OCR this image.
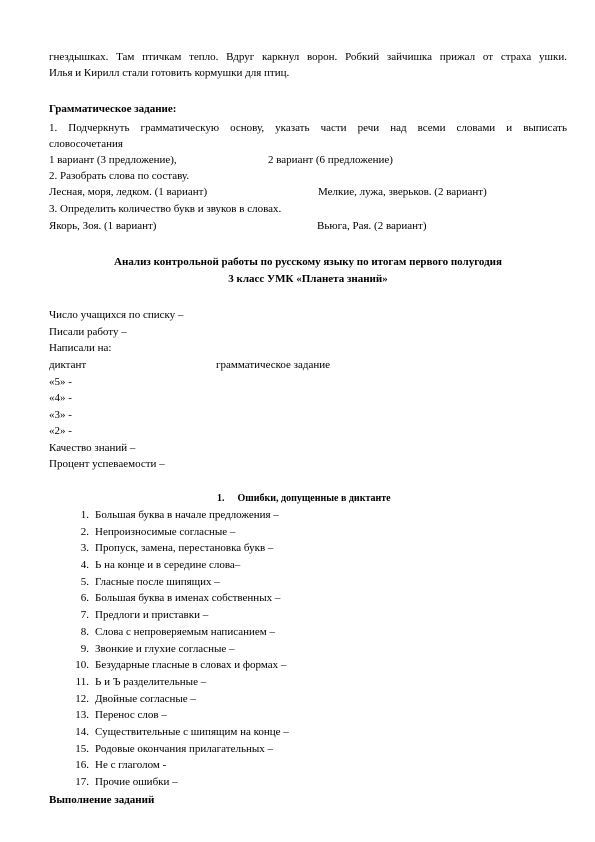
гнездышках. Там птичкам тепло. Вдруг каркнул ворон. Робкий зайчишка прижал от страха ушки.
Илья и Кирилл стали готовить кормушки для птиц.
Грамматическое задание:
1. Подчеркнуть грамматическую основу, указать части речи над всеми словами и выписать
словосочетания
1 вариант (3 предложение),	2 вариант (6 предложение)
2. Разобрать слова по составу.
Лесная, моря, ледком. (1 вариант)	Мелкие, лужа, зверьков. (2 вариант)
3. Определить количество букв и звуков в словах.
Якорь, Зоя. (1 вариант)	Вьюга, Рая. (2 вариант)
Анализ контрольной работы по русскому языку по итогам первого полугодия
3 класс УМК «Планета знаний»
Число учащихся по списку –
Писали работу –
Написали на:
диктант	грамматическое задание
«5» -
«4» -
«3» -
«2» -
Качество знаний –
Процент успеваемости –
1. Ошибки, допущенные в диктанте
1. Большая буква в начале предложения –
2. Непроизносимые согласные –
3. Пропуск, замена, перестановка букв –
4. Ь на конце и в середине слова–
5. Гласные после шипящих –
6. Большая буква в именах собственных –
7. Предлоги и приставки –
8. Слова с непроверяемым написанием –
9. Звонкие и глухие согласные –
10. Безударные гласные в словах и формах –
11. Ь и Ъ разделительные –
12. Двойные согласные –
13. Перенос слов –
14. Существительные с шипящим на конце –
15. Родовые окончания прилагательных –
16. Не с глаголом -
17. Прочие ошибки –
Выполнение заданий
